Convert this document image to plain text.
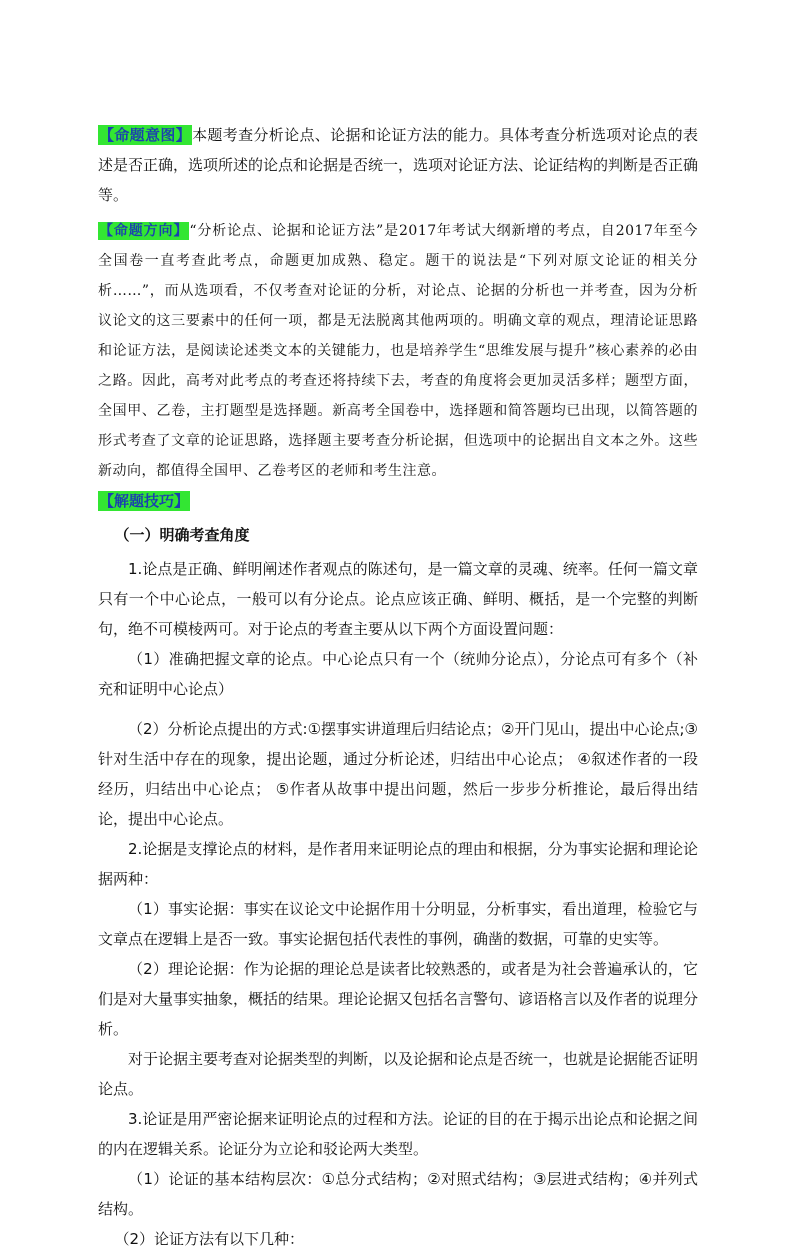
【命题意图】本题考查分析论点、论据和论证方法的能力。具体考查分析选项对论点的表述是否正确，选项所述的论点和论据是否统一，选项对论证方法、论证结构的判断是否正确等。

【命题方向】“分析论点、论据和论证方法”是2017年考试大纲新增的考点，自2017年至今全国卷一直考查此考点，命题更加成熟、稳定。题干的说法是“下列对原文论证的相关分析……”，而从选项看，不仅考查对论证的分析，对论点、论据的分析也一并考查，因为分析议论文的这三要素中的任何一项，都是无法脱离其他两项的。明确文章的观点，理清论证思路和论证方法，是阅读论述类文本的关键能力，也是培养学生“思维发展与提升”核心素养的必由之路。因此，高考对此考点的考查还将持续下去，考查的角度将会更加灵活多样；题型方面，全国甲、乙卷，主打题型是选择题。新高考全国卷中，选择题和简答题均已出现，以简答题的形式考查了文章的论证思路，选择题主要考查分析论据，但选项中的论据出自文本之外。这些新动向，都值得全国甲、乙卷考区的老师和考生注意。

【解题技巧】

（一）明确考查角度

1.论点是正确、鲜明阐述作者观点的陈述句，是一篇文章的灵魂、统率。任何一篇文章只有一个中心论点，一般可以有分论点。论点应该正确、鲜明、概括，是一个完整的判断句，绝不可模棱两可。对于论点的考查主要从以下两个方面设置问题：

（1）准确把握文章的论点。中心论点只有一个（统帅分论点），分论点可有多个（补充和证明中心论点）

（2）分析论点提出的方式:①摆事实讲道理后归结论点；②开门见山，提出中心论点;③针对生活中存在的现象，提出论题，通过分析论述，归结出中心论点； ④叙述作者的一段经历，归结出中心论点； ⑤作者从故事中提出问题，然后一步步分析推论，最后得出结论，提出中心论点。

2.论据是支撑论点的材料，是作者用来证明论点的理由和根据，分为事实论据和理论论据两种：

（1）事实论据：事实在议论文中论据作用十分明显，分析事实，看出道理，检验它与文章点在逻辑上是否一致。事实论据包括代表性的事例，确凿的数据，可靠的史实等。

（2）理论论据：作为论据的理论总是读者比较熟悉的，或者是为社会普遍承认的，它们是对大量事实抽象，概括的结果。理论论据又包括名言警句、谚语格言以及作者的说理分析。

对于论据主要考查对论据类型的判断，以及论据和论点是否统一，也就是论据能否证明论点。

3.论证是用严密论据来证明论点的过程和方法。论证的目的在于揭示出论点和论据之间的内在逻辑关系。论证分为立论和驳论两大类型。

（1）论证的基本结构层次：①总分式结构；②对照式结构；③层进式结构；④并列式结构。

（2）论证方法有以下几种：
